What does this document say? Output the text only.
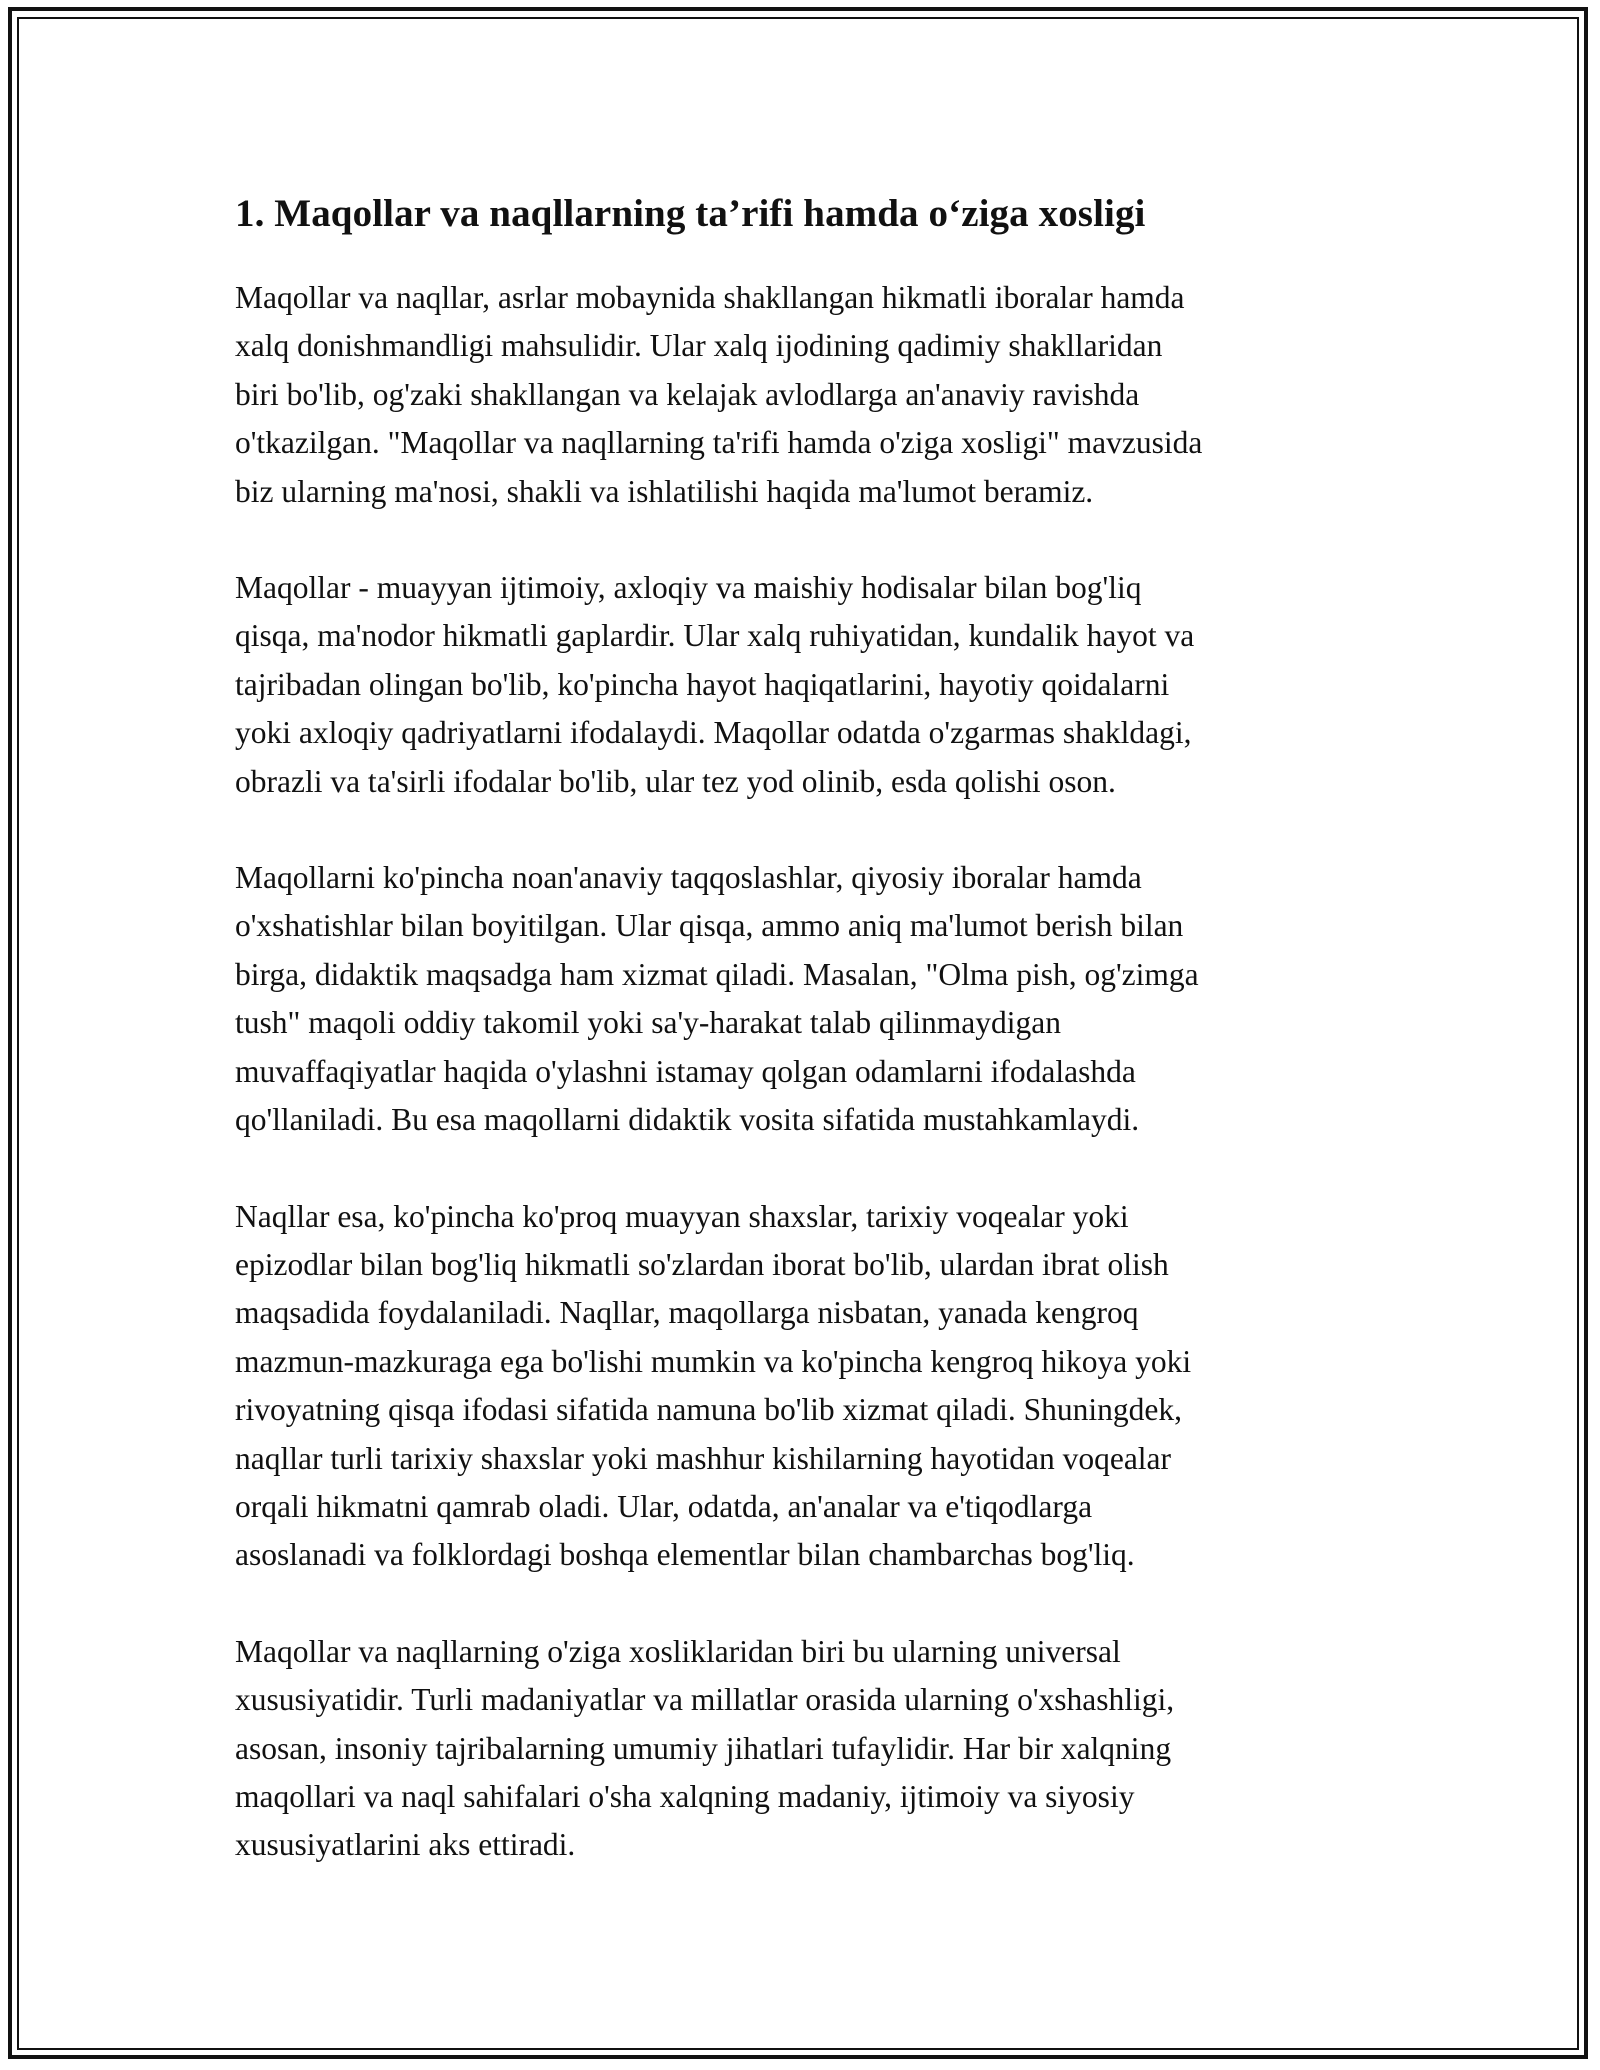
1. Maqollar va naqllarning ta’rifi hamda o‘ziga xosligi

Maqollar va naqllar, asrlar mobaynida shakllangan hikmatli iboralar hamda
xalq donishmandligi mahsulidir. Ular xalq ijodining qadimiy shakllaridan
biri bo'lib, og'zaki shakllangan va kelajak avlodlarga an'anaviy ravishda
o'tkazilgan. "Maqollar va naqllarning ta'rifi hamda o'ziga xosligi" mavzusida
biz ularning ma'nosi, shakli va ishlatilishi haqida ma'lumot beramiz.

Maqollar - muayyan ijtimoiy, axloqiy va maishiy hodisalar bilan bog'liq
qisqa, ma'nodor hikmatli gaplardir. Ular xalq ruhiyatidan, kundalik hayot va
tajribadan olingan bo'lib, ko'pincha hayot haqiqatlarini, hayotiy qoidalarni
yoki axloqiy qadriyatlarni ifodalaydi. Maqollar odatda o'zgarmas shakldagi,
obrazli va ta'sirli ifodalar bo'lib, ular tez yod olinib, esda qolishi oson.

Maqollarni ko'pincha noan'anaviy taqqoslashlar, qiyosiy iboralar hamda
o'xshatishlar bilan boyitilgan. Ular qisqa, ammo aniq ma'lumot berish bilan
birga, didaktik maqsadga ham xizmat qiladi. Masalan, "Olma pish, og'zimga
tush" maqoli oddiy takomil yoki sa'y-harakat talab qilinmaydigan
muvaffaqiyatlar haqida o'ylashni istamay qolgan odamlarni ifodalashda
qo'llaniladi. Bu esa maqollarni didaktik vosita sifatida mustahkamlaydi.

Naqllar esa, ko'pincha ko'proq muayyan shaxslar, tarixiy voqealar yoki
epizodlar bilan bog'liq hikmatli so'zlardan iborat bo'lib, ulardan ibrat olish
maqsadida foydalaniladi. Naqllar, maqollarga nisbatan, yanada kengroq
mazmun-mazkuraga ega bo'lishi mumkin va ko'pincha kengroq hikoya yoki
rivoyatning qisqa ifodasi sifatida namuna bo'lib xizmat qiladi. Shuningdek,
naqllar turli tarixiy shaxslar yoki mashhur kishilarning hayotidan voqealar
orqali hikmatni qamrab oladi. Ular, odatda, an'analar va e'tiqodlarga
asoslanadi va folklordagi boshqa elementlar bilan chambarchas bog'liq.

Maqollar va naqllarning o'ziga xosliklaridan biri bu ularning universal
xususiyatidir. Turli madaniyatlar va millatlar orasida ularning o'xshashligi,
asosan, insoniy tajribalarning umumiy jihatlari tufaylidir. Har bir xalqning
maqollari va naql sahifalari o'sha xalqning madaniy, ijtimoiy va siyosiy
xususiyatlarini aks ettiradi.
